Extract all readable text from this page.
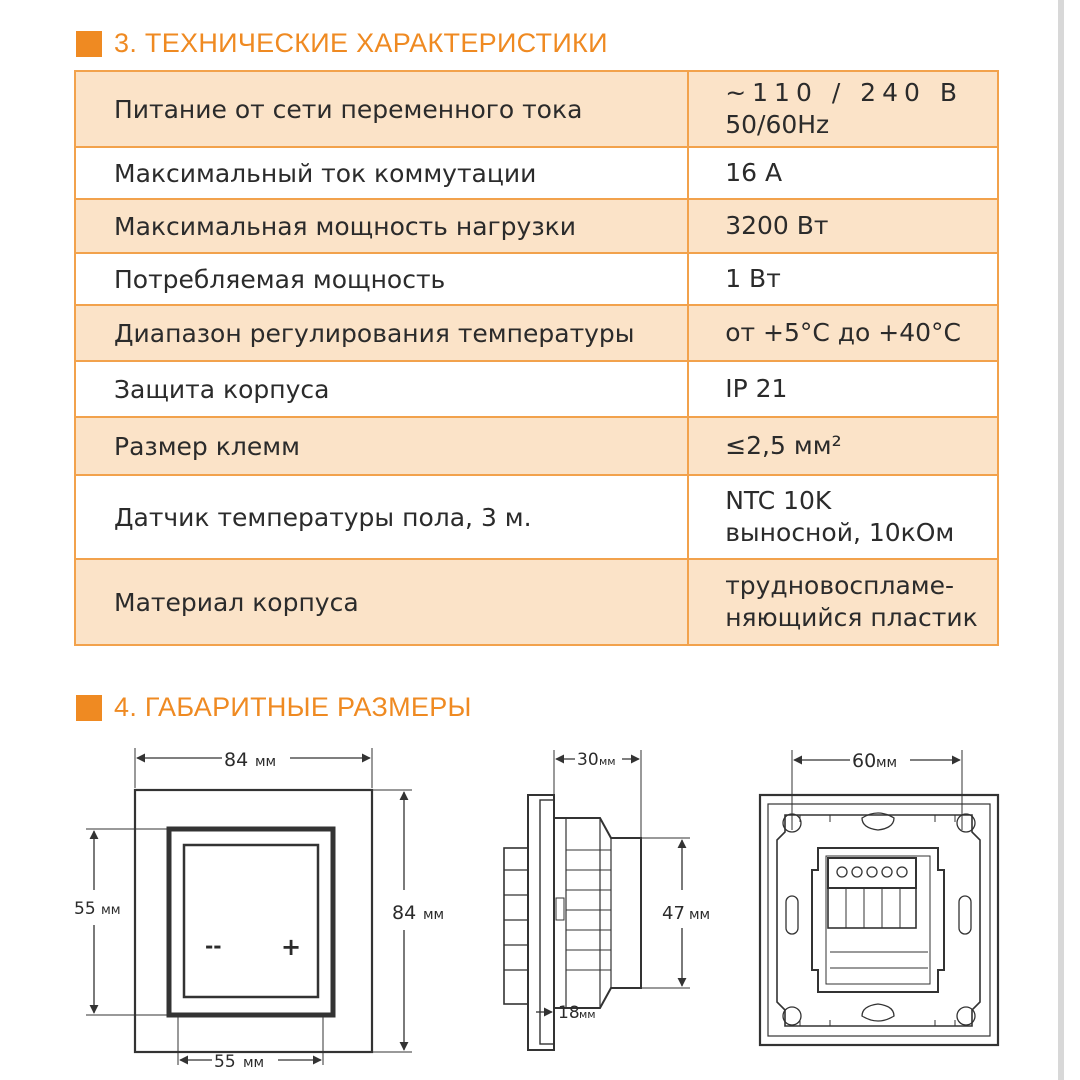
3. ТЕХНИЧЕСКИЕ ХАРАКТЕРИСТИКИ
Питание от сети переменного тока	~110 / 240 В
50/60Hz

Максимальный ток коммутации	16 А
Максимальная мощность нагрузки	3200 Вт
Потребляемая мощность	1 Вт
Диапазон регулирования температуры	от +5°С до +40°С
Защита корпуса	IP 21
Размер клемм	≤2,5 мм²
Датчик температуры пола, 3 м.	NTC 10K
выносной, 10кОм

Материал корпуса	трудновоспламе-
няющийся пластик
4. ГАБАРИТНЫЕ РАЗМЕРЫ
84 мм
84 мм
55 мм
55 мм
-- +
30 мм
47 мм
18 мм
60 мм
